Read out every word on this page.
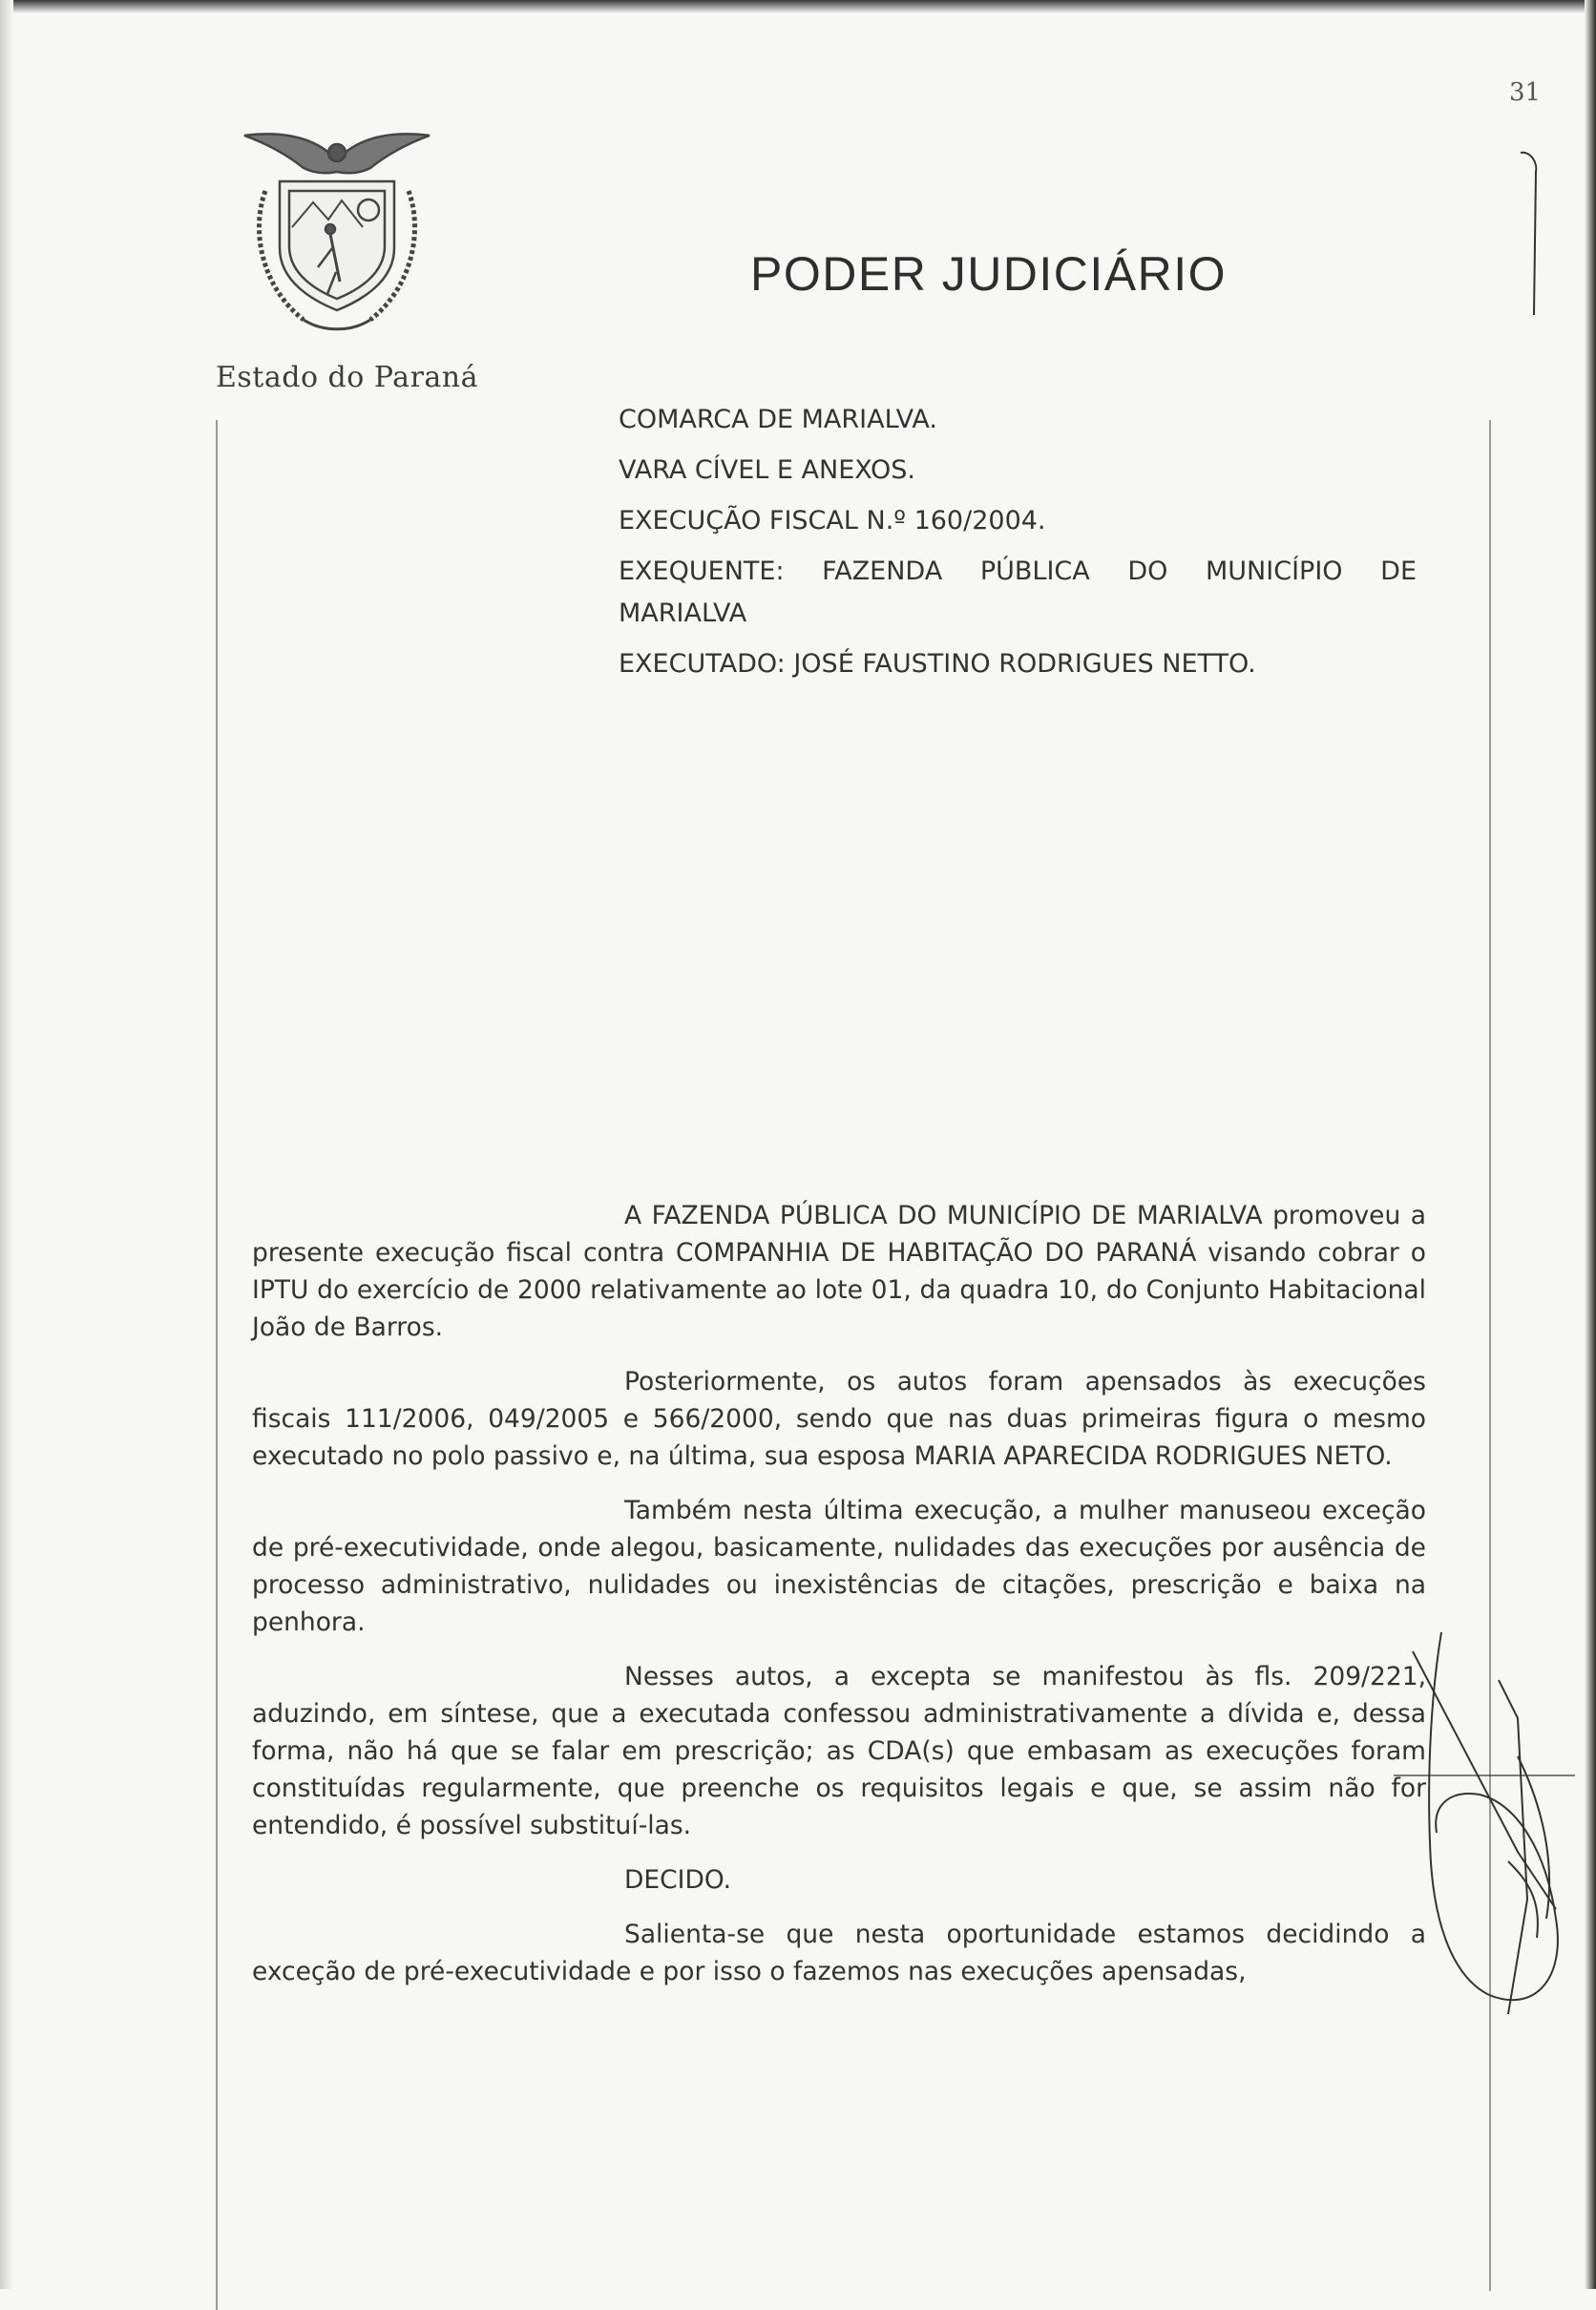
Estado do Paraná
PODER JUDICIÁRIO
31

COMARCA DE MARIALVA.

VARA CÍVEL E ANEXOS.

EXECUÇÃO FISCAL N.º 160/2004.

EXEQUENTE: FAZENDA PÚBLICA DO MUNICÍPIO DE

MARIALVA

EXECUTADO: JOSÉ FAUSTINO RODRIGUES NETTO.

A FAZENDA PÚBLICA DO MUNICÍPIO DE MARIALVA promoveu a presente execução fiscal contra COMPANHIA DE HABITAÇÃO DO PARANÁ visando cobrar o IPTU do exercício de 2000 relativamente ao lote 01, da quadra 10, do Conjunto Habitacional João de Barros.

Posteriormente, os autos foram apensados às execuções fiscais 111/2006, 049/2005 e 566/2000, sendo que nas duas primeiras figura o mesmo executado no polo passivo e, na última, sua esposa MARIA APARECIDA RODRIGUES NETO.

Também nesta última execução, a mulher manuseou exceção de pré-executividade, onde alegou, basicamente, nulidades das execuções por ausência de processo administrativo, nulidades ou inexistências de citações, prescrição e baixa na penhora.

Nesses autos, a excepta se manifestou às fls. 209/221, aduzindo, em síntese, que a executada confessou administrativamente a dívida e, dessa forma, não há que se falar em prescrição; as CDA(s) que embasam as execuções foram constituídas regularmente, que preenche os requisitos legais e que, se assim não for entendido, é possível substituí-las.

DECIDO.

Salienta-se que nesta oportunidade estamos decidindo a exceção de pré-executividade e por isso o fazemos nas execuções apensadas,
